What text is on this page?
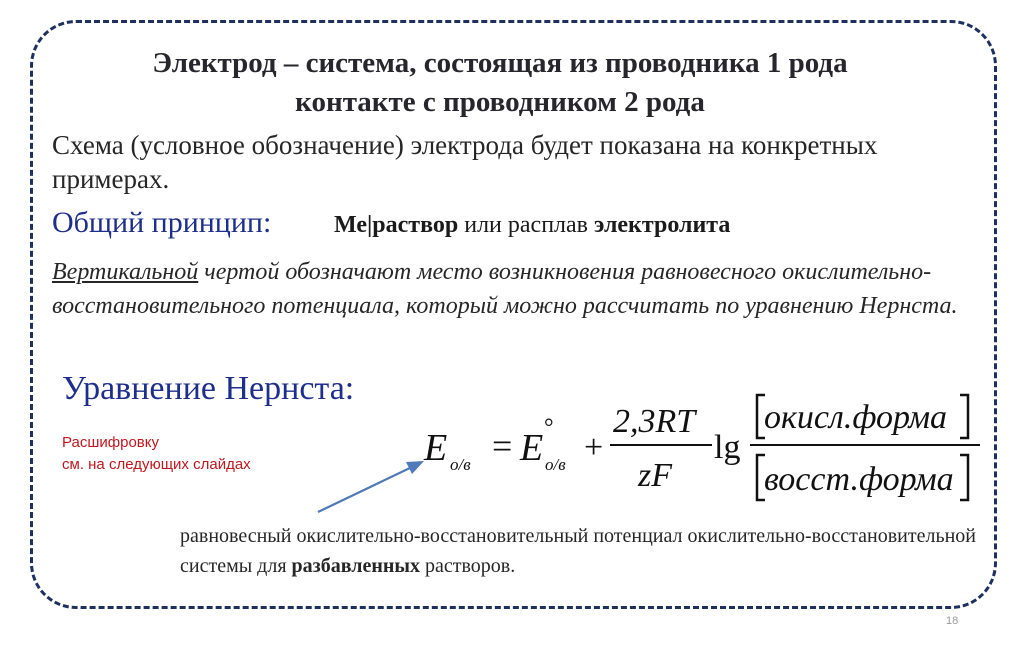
Электрод – система, состоящая из проводника 1 рода
контакте с проводником 2 рода
Схема (условное обозначение) электрода будет показана на конкретных примерах.
Общий принцип:	Ме|раствор или расплав электролита
Вертикальной чертой обозначают место возникновения равновесного окислительно-восстановительного потенциала, который можно рассчитать по уравнению Нернста.
Уравнение Нернста:
Расшифровку
см. на следующих слайдах	E о/в = E °
о/в +
2,3RT
zF
lg
окисл.форма
восст.форма
равновесный окислительно-восстановительный потенциал окислительно-восстановительной системы для разбавленных растворов.
18
